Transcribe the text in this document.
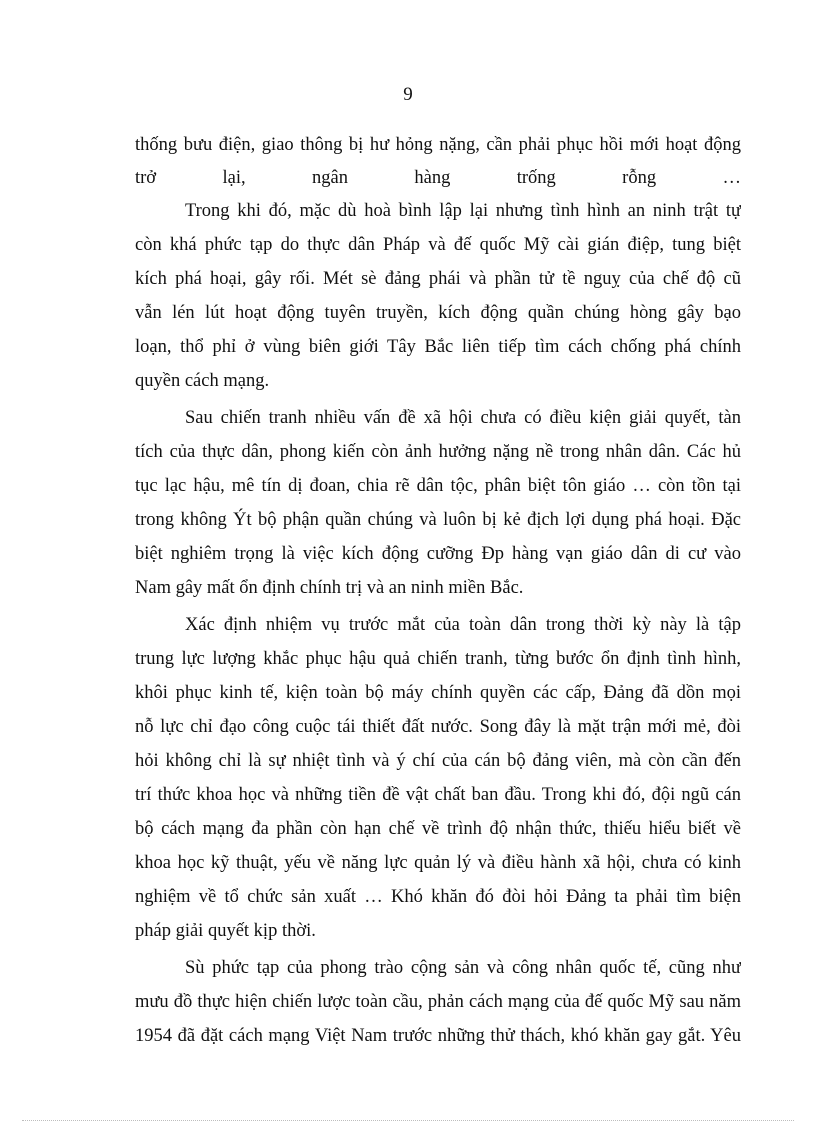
9
thống bưu điện, giao thông bị hư hỏng nặng, cần phải phục hồi mới hoạt động
trở	lại,	ngân	hàng	trống	rỗng	…
Trong khi đó, mặc dù hoà bình lập lại nhưng tình hình an ninh trật tự
còn khá phức tạp do thực dân Pháp và đế quốc Mỹ cài gián điệp, tung biệt
kích phá hoại, gây rối. Mét sè đảng phái và phần tử tề nguỵ của chế độ cũ
vẫn lén lút hoạt động tuyên truyền, kích động quần chúng hòng gây bạo
loạn, thổ phỉ ở vùng biên giới Tây Bắc liên tiếp tìm cách chống phá chính
quyền cách mạng.
Sau chiến tranh nhiều vấn đề xã hội chưa có điều kiện giải quyết, tàn
tích của thực dân, phong kiến còn ảnh hưởng nặng nề trong nhân dân. Các hủ
tục lạc hậu, mê tín dị đoan, chia rẽ dân tộc, phân biệt tôn giáo … còn tồn tại
trong không Ýt bộ phận quần chúng và luôn bị kẻ địch lợi dụng phá hoại. Đặc
biệt nghiêm trọng là việc kích động cưỡng Ðp hàng vạn giáo dân di cư vào
Nam gây mất ổn định chính trị và an ninh miền Bắc.
Xác định nhiệm vụ trước mắt của toàn dân trong thời kỳ này là tập
trung lực lượng khắc phục hậu quả chiến tranh, từng bước ổn định tình hình,
khôi phục kinh tế, kiện toàn bộ máy chính quyền các cấp, Đảng đã dồn mọi
nỗ lực chỉ đạo công cuộc tái thiết đất nước. Song đây là mặt trận mới mẻ, đòi
hỏi không chỉ là sự nhiệt tình và ý chí của cán bộ đảng viên, mà còn cần đến
trí thức khoa học và những tiền đề vật chất ban đầu. Trong khi đó, đội ngũ cán
bộ cách mạng đa phần còn hạn chế về trình độ nhận thức, thiếu hiểu biết về
khoa học kỹ thuật, yếu về năng lực quản lý và điều hành xã hội, chưa có kinh
nghiệm về tổ chức sản xuất … Khó khăn đó đòi hỏi Đảng ta phải tìm biện
pháp giải quyết kịp thời.
Sù phức tạp của phong trào cộng sản và công nhân quốc tế, cũng như
mưu đồ thực hiện chiến lược toàn cầu, phản cách mạng của đế quốc Mỹ sau năm
1954 đã đặt cách mạng Việt Nam trước những thử thách, khó khăn gay gắt. Yêu
